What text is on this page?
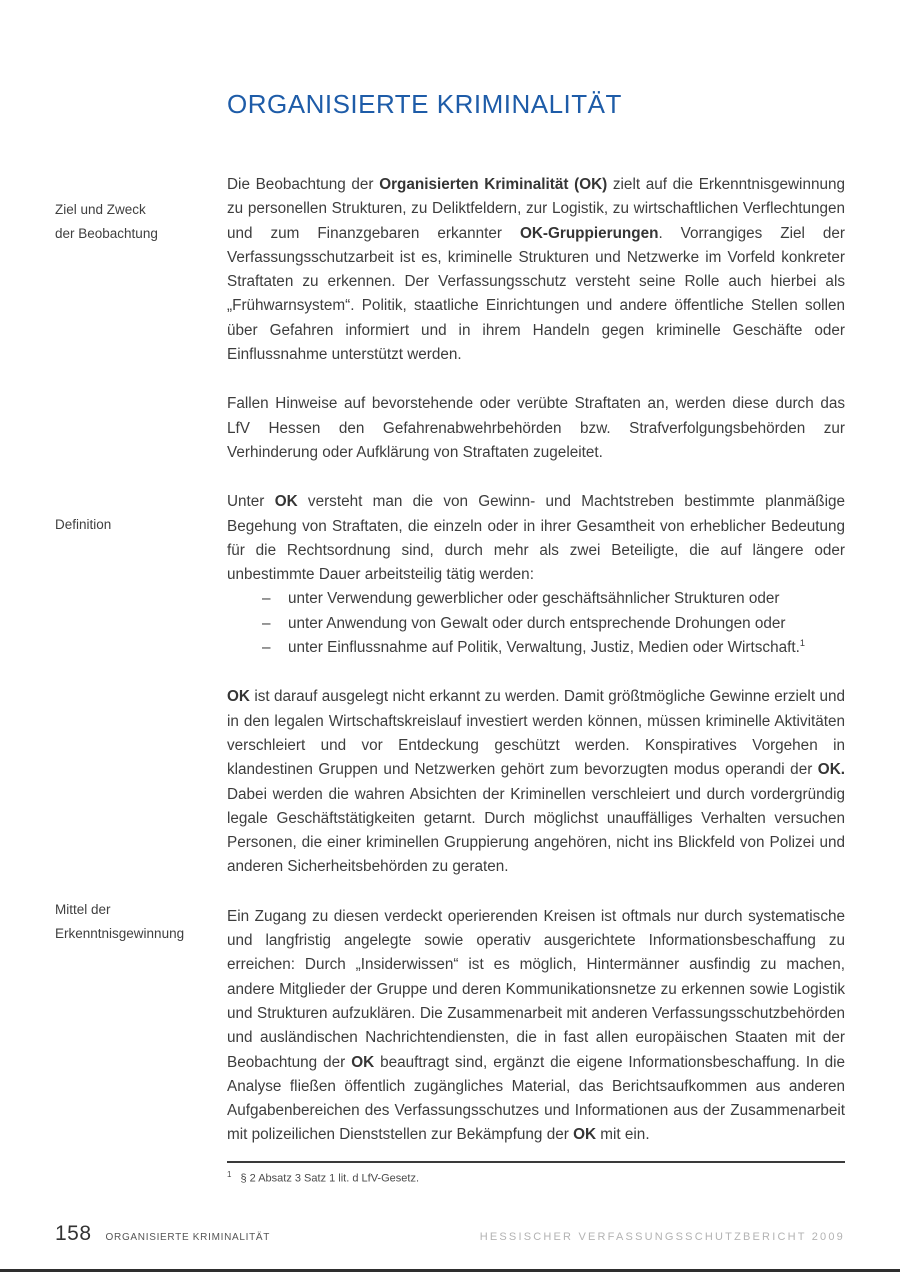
ORGANISIERTE KRIMINALITÄT
Ziel und Zweck
der Beobachtung
Definition
Mittel der
Erkenntnisgewinnung

Die Beobachtung der Organisierten Kriminalität (OK) zielt auf die Erkenntnisgewinnung zu personellen Strukturen, zu Deliktfeldern, zur Logistik, zu wirtschaftlichen Verflechtungen und zum Finanzgebaren erkannter OK-Gruppierungen. Vorrangiges Ziel der Verfassungsschutzarbeit ist es, kriminelle Strukturen und Netzwerke im Vorfeld konkreter Straftaten zu erkennen. Der Verfassungsschutz versteht seine Rolle auch hierbei als „Frühwarnsystem“. Politik, staatliche Einrichtungen und andere öffentliche Stellen sollen über Gefahren informiert und in ihrem Handeln gegen kriminelle Geschäfte oder Einflussnahme unterstützt werden.

Fallen Hinweise auf bevorstehende oder verübte Straftaten an, werden diese durch das LfV Hessen den Gefahrenabwehrbehörden bzw. Strafverfolgungsbehörden zur Verhinderung oder Aufklärung von Straftaten zugeleitet.

Unter OK versteht man die von Gewinn- und Machtstreben bestimmte planmäßige Begehung von Straftaten, die einzeln oder in ihrer Gesamtheit von erheblicher Bedeutung für die Rechtsordnung sind, durch mehr als zwei Beteiligte, die auf längere oder unbestimmte Dauer arbeitsteilig tätig werden:

–	unter Verwendung gewerblicher oder geschäftsähnlicher Strukturen oder
–	unter Anwendung von Gewalt oder durch entsprechende Drohungen oder
–	unter Einflussnahme auf Politik, Verwaltung, Justiz, Medien oder Wirtschaft.$^1$

OK ist darauf ausgelegt nicht erkannt zu werden. Damit größtmögliche Gewinne erzielt und in den legalen Wirtschaftskreislauf investiert werden können, müssen kriminelle Aktivitäten verschleiert und vor Entdeckung geschützt werden. Konspiratives Vorgehen in klandestinen Gruppen und Netzwerken gehört zum bevorzugten modus operandi der OK. Dabei werden die wahren Absichten der Kriminellen verschleiert und durch vordergründig legale Geschäftstätigkeiten getarnt. Durch möglichst unauffälliges Verhalten versuchen Personen, die einer kriminellen Gruppierung angehören, nicht ins Blickfeld von Polizei und anderen Sicherheitsbehörden zu geraten.

Ein Zugang zu diesen verdeckt operierenden Kreisen ist oftmals nur durch systematische und langfristig angelegte sowie operativ ausgerichtete Informationsbeschaffung zu erreichen: Durch „Insiderwissen“ ist es möglich, Hintermänner ausfindig zu machen, andere Mitglieder der Gruppe und deren Kommunikationsnetze zu erkennen sowie Logistik und Strukturen aufzuklären. Die Zusammenarbeit mit anderen Verfassungsschutzbehörden und ausländischen Nachrichtendiensten, die in fast allen europäischen Staaten mit der Beobachtung der OK beauftragt sind, ergänzt die eigene Informationsbeschaffung. In die Analyse fließen öffentlich zugängliches Material, das Berichtsaufkommen aus anderen Aufgabenbereichen des Verfassungsschutzes und Informationen aus der Zusammenarbeit mit polizeilichen Dienststellen zur Bekämpfung der OK mit ein.

$^1$ § 2 Absatz 3 Satz 1 lit. d LfV-Gesetz.
158 ORGANISIERTE KRIMINALITÄT	HESSISCHER VERFASSUNGSSCHUTZBERICHT 2009
